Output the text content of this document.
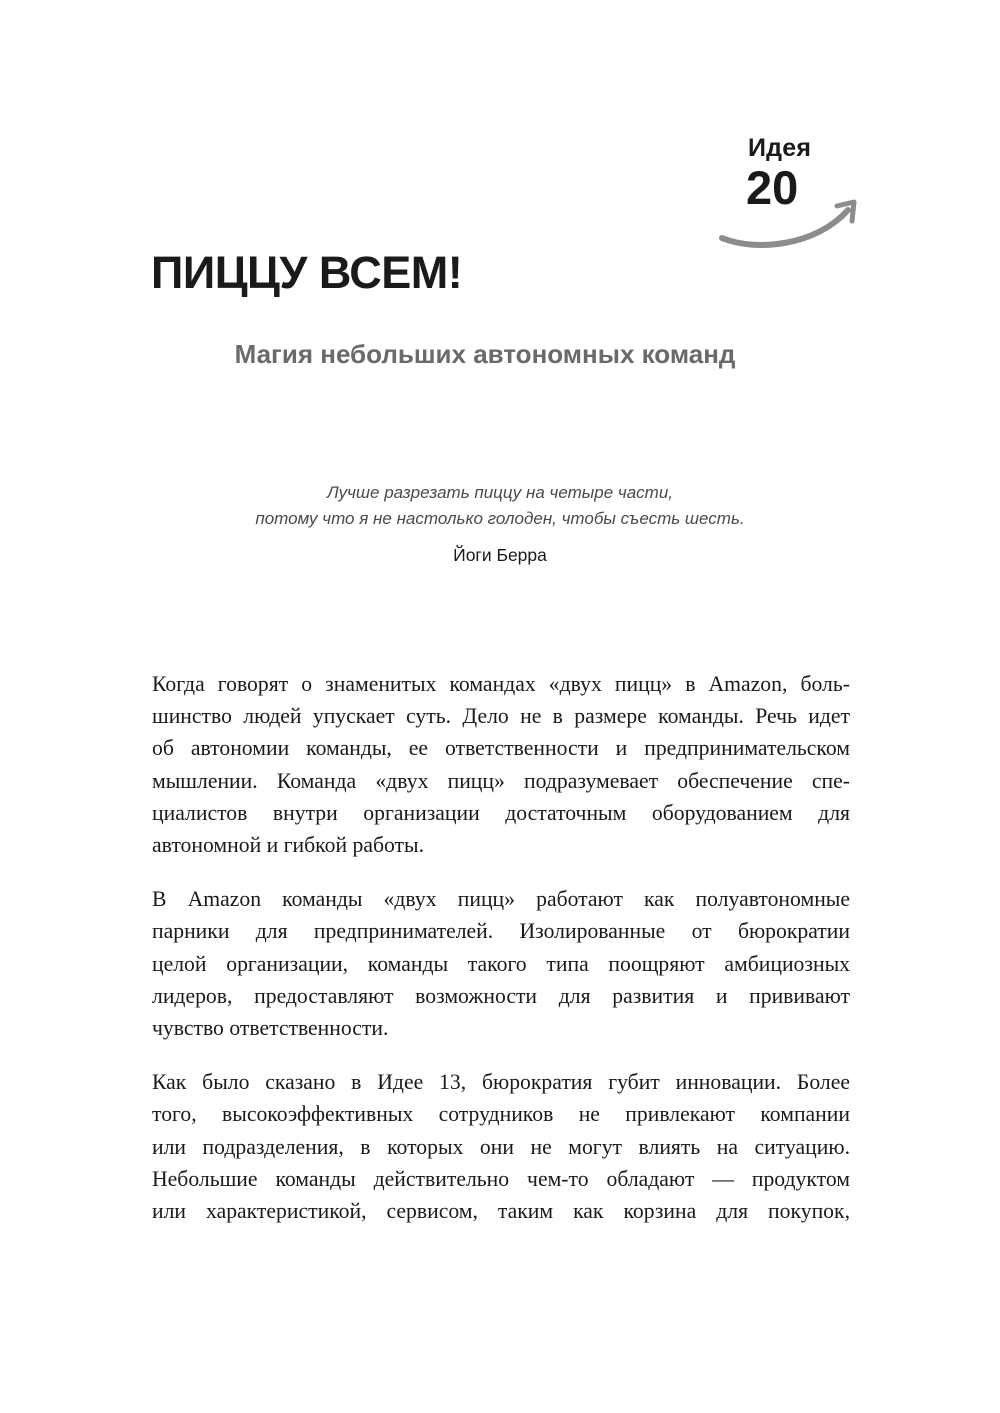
Идея
20
ПИЦЦУ ВСЕМ!
Магия небольших автономных команд
Лучше разрезать пиццу на четыре части,
потому что я не настолько голоден, чтобы съесть шесть.
Йоги Берра

Когда говорят о знаменитых командах «двух пицц» в Amazon, боль-
шинство людей упускает суть. Дело не в размере команды. Речь идет
об автономии команды, ее ответственности и предпринимательском
мышлении. Команда «двух пицц» подразумевает обеспечение спе-
циалистов внутри организации достаточным оборудованием для
автономной и гибкой работы.

В Amazon команды «двух пицц» работают как полуавтономные
парники для предпринимателей. Изолированные от бюрократии
целой организации, команды такого типа поощряют амбициозных
лидеров, предоставляют возможности для развития и прививают
чувство ответственности.

Как было сказано в Идее 13, бюрократия губит инновации. Более
того, высокоэффективных сотрудников не привлекают компании
или подразделения, в которых они не могут влиять на ситуацию.
Небольшие команды действительно чем-то обладают — продуктом
или характеристикой, сервисом, таким как корзина для покупок,
